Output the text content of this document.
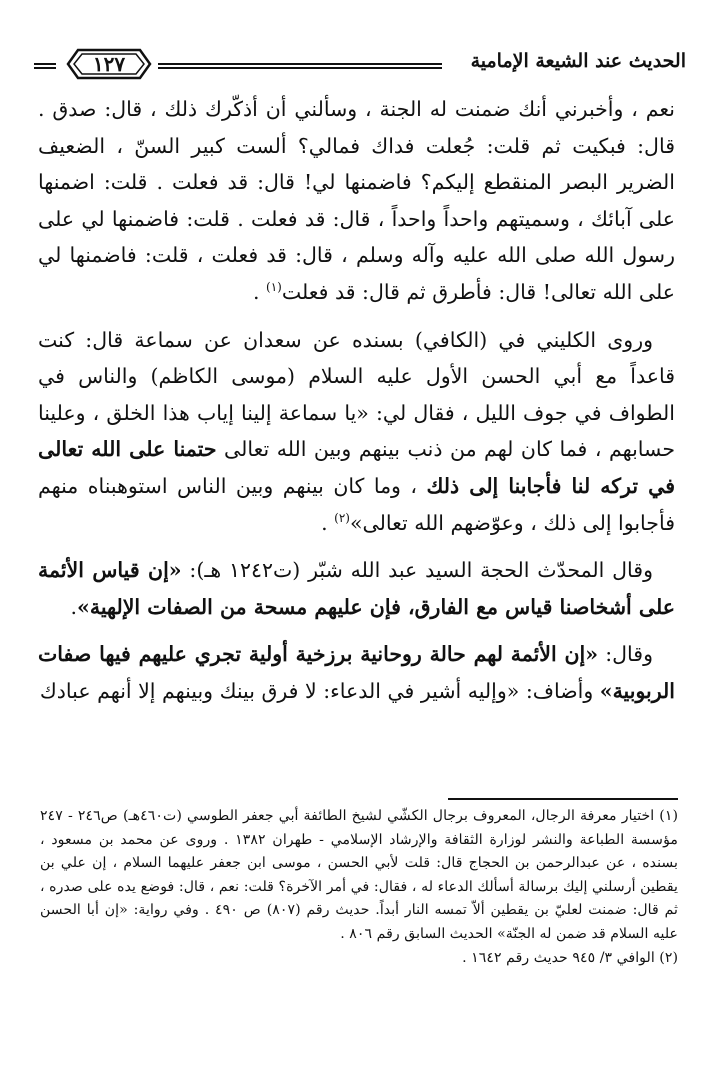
١٢٧	الحديث عند الشيعة الإمامية

نعم ، وأخبرني أنك ضمنت له الجنة ، وسألني أن أذكّرك ذلك ، قال: صدق . قال: فبكيت ثم قلت: جُعلت فداك فمالي؟ ألست كبير السنّ ، الضعيف الضرير البصر المنقطع إليكم؟ فاضمنها لي! قال: قد فعلت . قلت: اضمنها على آبائك ، وسميتهم واحداً واحداً ، قال: قد فعلت . قلت: فاضمنها لي على رسول الله صلى الله عليه وآله وسلم ، قال: قد فعلت ، قلت: فاضمنها لي على الله تعالى! قال: فأطرق ثم قال: قد فعلت$^{(١)}$ .

وروى الكليني في (الكافي) بسنده عن سعدان عن سماعة قال: كنت قاعداً مع أبي الحسن الأول عليه السلام (موسى الكاظم) والناس في الطواف في جوف الليل ، فقال لي: «يا سماعة إلينا إياب هذا الخلق ، وعلينا حسابهم ، فما كان لهم من ذنب بينهم وبين الله تعالى حتمنا على الله تعالى في تركه لنا فأجابنا إلى ذلك ، وما كان بينهم وبين الناس استوهبناه منهم فأجابوا إلى ذلك ، وعوّضهم الله تعالى»$^{(٢)}$ .

وقال المحدّث الحجة السيد عبد الله شبّر (ت١٢٤٢ هـ): «إن قياس الأئمة على أشخاصنا قياس مع الفارق، فإن عليهم مسحة من الصفات الإلهية».

وقال: «إن الأئمة لهم حالة روحانية برزخية أولية تجري عليهم فيها صفات الربوبية» وأضاف: «وإليه أشير في الدعاء: لا فرق بينك وبينهم إلا أنهم عبادك

(١) اختيار معرفة الرجال، المعروف برجال الكشّي لشيخ الطائفة أبي جعفر الطوسي (ت٤٦٠هـ) ص٢٤٦ - ٢٤٧ مؤسسة الطباعة والنشر لوزارة الثقافة والإرشاد الإسلامي - طهران ١٣٨٢ . وروى عن محمد بن مسعود ، بسنده ، عن عبدالرحمن بن الحجاج قال: قلت لأبي الحسن ، موسى ابن جعفر عليهما السلام ، إن علي بن يقطين أرسلني إليك برسالة أسألك الدعاء له ، فقال: في أمر الآخرة؟ قلت: نعم ، قال: فوضع يده على صدره ، ثم قال: ضمنت لعليّ بن يقطين ألاّ تمسه النار أبداً. حديث رقم (٨٠٧) ص ٤٩٠ . وفي رواية: «إن أبا الحسن عليه السلام قد ضمن له الجنّة» الحديث السابق رقم ٨٠٦ .

(٢) الوافي ٣/ ٩٤٥ حديث رقم ١٦٤٢ .
